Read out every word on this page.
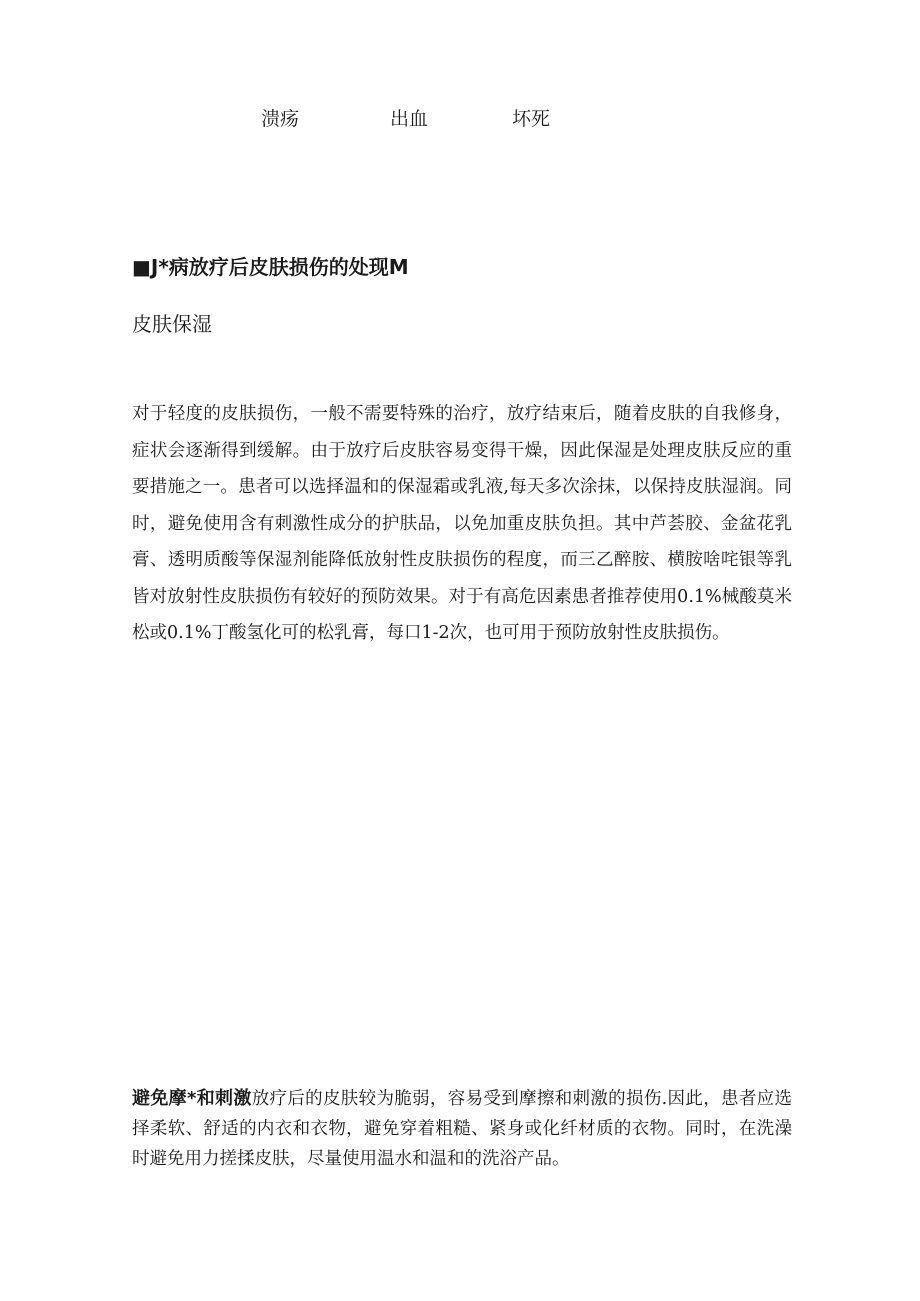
溃疡	出血	坏死
■J*病放疗后皮肤损伤的处现M
皮肤保湿

对于轻度的皮肤损伤，一般不需要特殊的治疗，放疗结束后，随着皮肤的自我修身，症状会逐渐得到缓解。由于放疗后皮肤容易变得干燥，因此保湿是处理皮肤反应的重要措施之一。患者可以选择温和的保湿霜或乳液,每天多次涂抹，以保持皮肤湿润。同时，避免使用含有刺激性成分的护肤品，以免加重皮肤负担。其中芦荟胶、金盆花乳膏、透明质酸等保湿剂能降低放射性皮肤损伤的程度，而三乙醉胺、横胺啥咤银等乳皆对放射性皮肤损伤有较好的预防效果。对于有高危因素患者推荐使用0.1%械酸莫米松或0.1%丁酸氢化可的松乳膏，每口1-2次，也可用于预防放射性皮肤损伤。

避免摩*和刺激放疗后的皮肤较为脆弱，容易受到摩擦和刺激的损伤.因此，患者应选择柔软、舒适的内衣和衣物，避免穿着粗糙、紧身或化纤材质的衣物。同时，在洗澡时避免用力搓揉皮肤，尽量使用温水和温和的洗浴产品。
